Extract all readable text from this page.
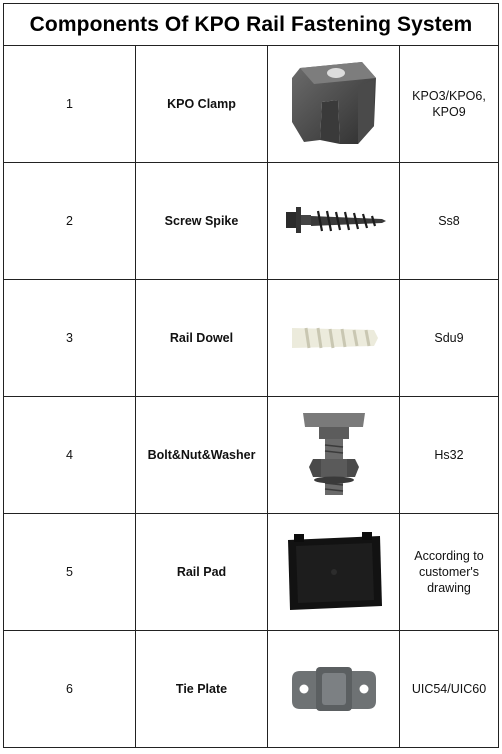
Components Of KPO Rail Fastening System
1	KPO Clamp		KPO3/KPO6, KPO9
2	Screw Spike		Ss8
3	Rail Dowel		Sdu9
4	Bolt&Nut&Washer		Hs32
5	Rail Pad		According to customer's drawing
6	Tie Plate		UIC54/UIC60
